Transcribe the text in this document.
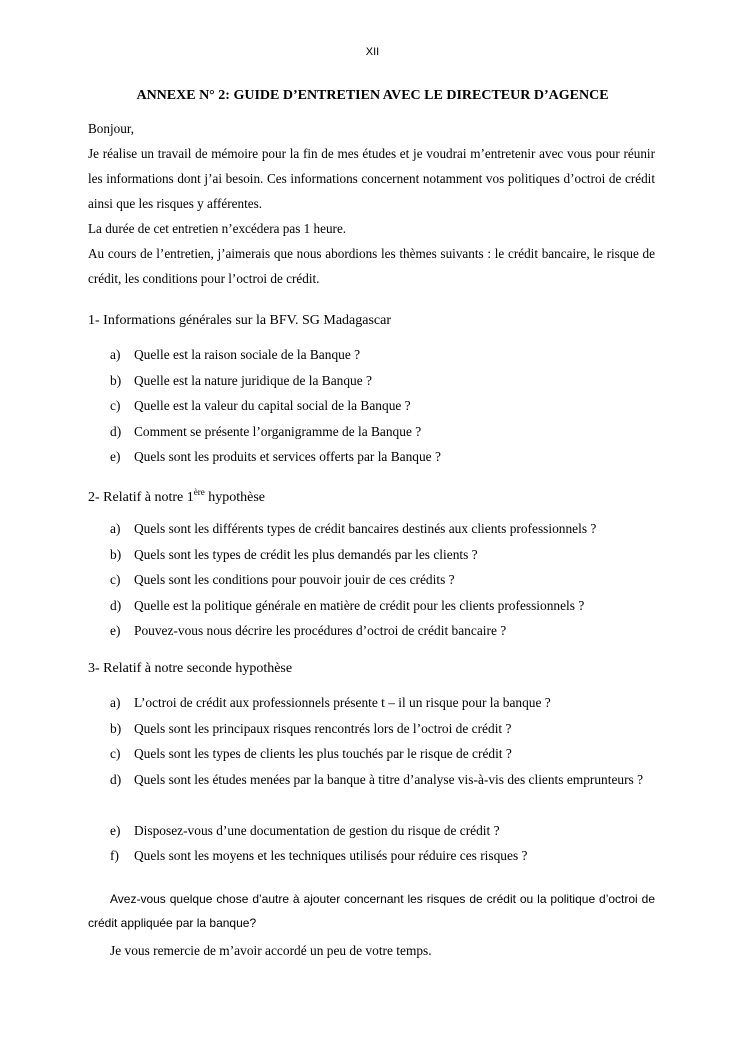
XII
ANNEXE N° 2: GUIDE D’ENTRETIEN AVEC LE DIRECTEUR D’AGENCE

Bonjour,

Je réalise un travail de mémoire pour la fin de mes études et je voudrai m’entretenir avec vous pour réunir les informations dont j’ai besoin. Ces informations concernent notamment vos politiques d’octroi de crédit ainsi que les risques y afférentes.

La durée de cet entretien n’excédera pas 1 heure.

Au cours de l’entretien, j’aimerais que nous abordions les thèmes suivants : le crédit bancaire, le risque de crédit, les conditions pour l’octroi de crédit.

1- Informations générales sur la BFV. SG Madagascar
a) Quelle est la raison sociale de la Banque ?
b) Quelle est la nature juridique de la Banque ?
c) Quelle est la valeur du capital social de la Banque ?
d) Comment se présente l’organigramme de la Banque ?
e) Quels sont les produits et services offerts par la Banque ?
2- Relatif à notre 1ère hypothèse
a) Quels sont les différents types de crédit bancaires destinés aux clients professionnels ?
b) Quels sont les types de crédit les plus demandés par les clients ?
c) Quels sont les conditions pour pouvoir jouir de ces crédits ?
d) Quelle est la politique générale en matière de crédit pour les clients professionnels ?
e) Pouvez-vous nous décrire les procédures d’octroi de crédit bancaire ?
3- Relatif à notre seconde hypothèse
a) L’octroi de crédit aux professionnels présente t – il un risque pour la banque ?
b) Quels sont les principaux risques rencontrés lors de l’octroi de crédit ?
c) Quels sont les types de clients les plus touchés par le risque de crédit ?
d) Quels sont les études menées par la banque à titre d’analyse vis-à-vis des clients emprunteurs ?
e) Disposez-vous d’une documentation de gestion du risque de crédit ?
f) Quels sont les moyens et les techniques utilisés pour réduire ces risques ?
Avez-vous quelque chose d’autre à ajouter concernant les risques de crédit ou la politique d’octroi de crédit appliquée par la banque?
Je vous remercie de m’avoir accordé un peu de votre temps.
